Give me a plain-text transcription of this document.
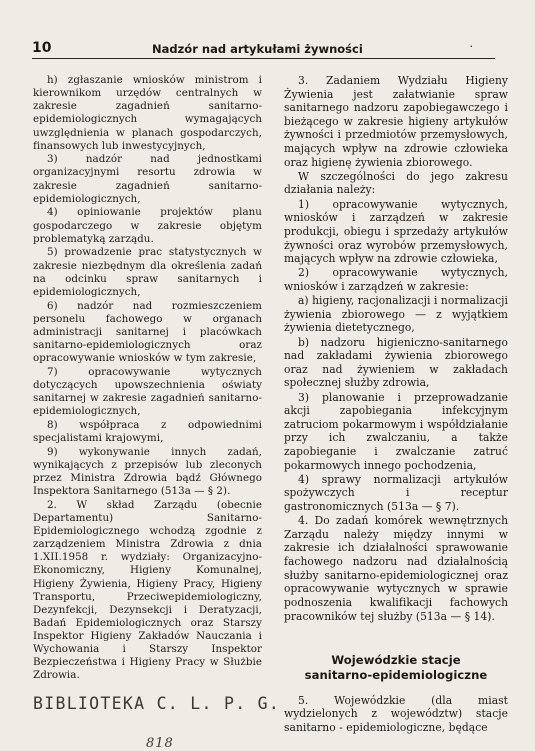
10	Nadzór nad artykułami żywności	·

h) zgłaszanie wniosków ministrom i kierownikom urzędów centralnych w zakresie zagadnień sanitarno-epidemiologicznych wymagających uwzględnienia w planach gospodarczych, finansowych lub inwestycyjnych,

3) nadzór nad jednostkami organizacyjnymi resortu zdrowia w zakresie zagadnień sanitarno-epidemiologicznych,

4) opiniowanie projektów planu gospodarczego w zakresie objętym problematyką zarządu.

5) prowadzenie prac statystycznych w zakresie niezbędnym dla określenia zadań na odcinku spraw sanitarnych i epidemiologicznych,

6) nadzór nad rozmieszczeniem personelu fachowego w organach administracji sanitarnej i placówkach sanitarno-epidemiologicznych oraz opracowywanie wniosków w tym zakresie,

7) opracowywanie wytycznych dotyczących upowszechnienia oświaty sanitarnej w zakresie zagadnień sanitarno-epidemiologicznych,

8) współpraca z odpowiednimi specjalistami krajowymi,

9) wykonywanie innych zadań, wynikających z przepisów lub zleconych przez Ministra Zdrowia bądź Głównego Inspektora Sanitarnego (513a — § 2).

2. W skład Zarządu (obecnie Departamentu) Sanitarno-Epidemiologicznego wchodzą zgodnie z zarządzeniem Ministra Zdrowia z dnia 1.XII.1958 r. wydziały: Organizacyjno-Ekonomiczny, Higieny Komunalnej, Higieny Żywienia, Higieny Pracy, Higieny Transportu, Przeciwepidemiologiczny, Dezynfekcji, Dezynsekcji i Deratyzacji, Badań Epidemiologicznych oraz Starszy Inspektor Higieny Zakładów Nauczania i Wychowania i Starszy Inspektor Bezpieczeństwa i Higieny Pracy w Służbie Zdrowia.

3. Zadaniem Wydziału Higieny Żywienia jest załatwianie spraw sanitarnego nadzoru zapobiegawczego i bieżącego w zakresie higieny artykułów żywności i przedmiotów przemysłowych, mających wpływ na zdrowie człowieka oraz higienę żywienia zbiorowego.

W szczególności do jego zakresu działania należy:

1) opracowywanie wytycznych, wniosków i zarządzeń w zakresie produkcji, obiegu i sprzedaży artykułów żywności oraz wyrobów przemysłowych, mających wpływ na zdrowie człowieka,

2) opracowywanie wytycznych, wniosków i zarządzeń w zakresie:

a) higieny, racjonalizacji i normalizacji żywienia zbiorowego — z wyjątkiem żywienia dietetycznego,

b) nadzoru higieniczno-sanitarnego nad zakładami żywienia zbiorowego oraz nad żywieniem w zakładach społecznej służby zdrowia,

3) planowanie i przeprowadzanie akcji zapobiegania infekcyjnym zatruciom pokarmowym i współdziałanie przy ich zwalczaniu, a także zapobieganie i zwalczanie zatruć pokarmowych innego pochodzenia,

4) sprawy normalizacji artykułów spożywczych i receptur gastronomicznych (513a — § 7).

4. Do zadań komórek wewnętrznych Zarządu należy między innymi w zakresie ich działalności sprawowanie fachowego nadzoru nad działalnością służby sanitarno-epidemiologicznej oraz opracowywanie wytycznych w sprawie podnoszenia kwalifikacji fachowych pracowników tej służby (513a — § 14).

Wojewódzkie stacje

sanitarno-epidemiologiczne

5. Wojewódzkie (dla miast wydzielonych z województw) stacje sanitarno - epidemiologiczne, będące

BIBLIOTEKA C. L. P. G.
818
